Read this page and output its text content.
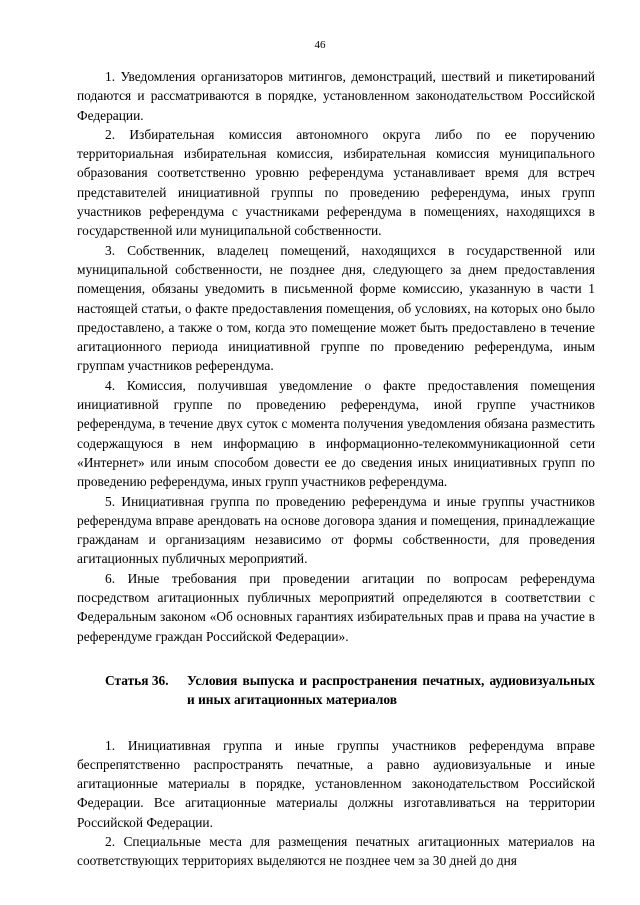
46

1. Уведомления организаторов митингов, демонстраций, шествий и пикетирований подаются и рассматриваются в порядке, установленном законодательством Российской Федерации.

2. Избирательная комиссия автономного округа либо по ее поручению территориальная избирательная комиссия, избирательная комиссия муниципального образования соответственно уровню референдума устанавливает время для встреч представителей инициативной группы по проведению референдума, иных групп участников референдума с участниками референдума в помещениях, находящихся в государственной или муниципальной собственности.

3. Собственник, владелец помещений, находящихся в государственной или муниципальной собственности, не позднее дня, следующего за днем предоставления помещения, обязаны уведомить в письменной форме комиссию, указанную в части 1 настоящей статьи, о факте предоставления помещения, об условиях, на которых оно было предоставлено, а также о том, когда это помещение может быть предоставлено в течение агитационного периода инициативной группе по проведению референдума, иным группам участников референдума.

4. Комиссия, получившая уведомление о факте предоставления помещения инициативной группе по проведению референдума, иной группе участников референдума, в течение двух суток с момента получения уведомления обязана разместить содержащуюся в нем информацию в информационно-телекоммуникационной сети «Интернет» или иным способом довести ее до сведения иных инициативных групп по проведению референдума, иных групп участников референдума.

5. Инициативная группа по проведению референдума и иные группы участников референдума вправе арендовать на основе договора здания и помещения, принадлежащие гражданам и организациям независимо от формы собственности, для проведения агитационных публичных мероприятий.

6. Иные требования при проведении агитации по вопросам референдума посредством агитационных публичных мероприятий определяются в соответствии с Федеральным законом «Об основных гарантиях избирательных прав и права на участие в референдуме граждан Российской Федерации».

Статья 36.	Условия выпуска и распространения печатных, аудиовизуальных и иных агитационных материалов

1. Инициативная группа и иные группы участников референдума вправе беспрепятственно распространять печатные, а равно аудиовизуальные и иные агитационные материалы в порядке, установленном законодательством Российской Федерации. Все агитационные материалы должны изготавливаться на территории Российской Федерации.

2. Специальные места для размещения печатных агитационных материалов на соответствующих территориях выделяются не позднее чем за 30 дней до дня
